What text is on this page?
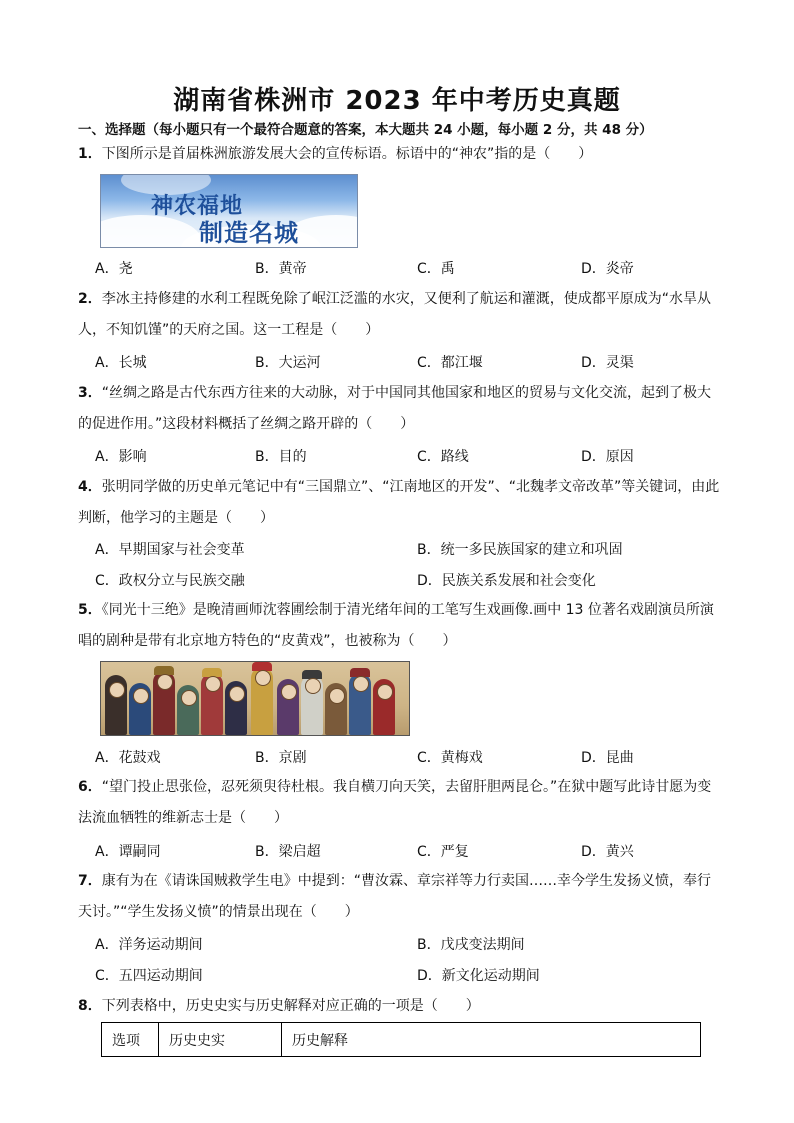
湖南省株洲市 2023 年中考历史真题
一、选择题（每小题只有一个最符合题意的答案，本大题共 24 小题，每小题 2 分，共 48 分）
1．下图所示是首届株洲旅游发展大会的宣传标语。标语中的“神农”指的是（　　）
神农福地
制造名城
A．尧	B．黄帝	C．禹	D．炎帝
2．李冰主持修建的水利工程既免除了岷江泛滥的水灾，又便利了航运和灌溉，使成都平原成为“水旱从
人，不知饥馑”的天府之国。这一工程是（　　）
A．长城	B．大运河	C．都江堰	D．灵渠
3．“丝绸之路是古代东西方往来的大动脉，对于中国同其他国家和地区的贸易与文化交流，起到了极大
的促进作用。”这段材料概括了丝绸之路开辟的（　　）
A．影响	B．目的	C．路线	D．原因
4．张明同学做的历史单元笔记中有“三国鼎立”、“江南地区的开发”、“北魏孝文帝改革”等关键词，由此
判断，他学习的主题是（　　）
A．早期国家与社会变革	B．统一多民族国家的建立和巩固
C．政权分立与民族交融	D．民族关系发展和社会变化
5．《同光十三绝》是晚清画师沈蓉圃绘制于清光绪年间的工笔写生戏画像.画中 13 位著名戏剧演员所演
唱的剧种是带有北京地方特色的“皮黄戏”，也被称为（　　）
A．花鼓戏	B．京剧	C．黄梅戏	D．昆曲
6．“望门投止思张俭，忍死须臾待杜根。我自横刀向天笑，去留肝胆两昆仑。”在狱中题写此诗甘愿为变
法流血牺牲的维新志士是（　　）
A．谭嗣同	B．梁启超	C．严复	D．黄兴
7．康有为在《请诛国贼救学生电》中提到：“曹汝霖、章宗祥等力行卖国……幸今学生发扬义愤，奉行
天讨。”“学生发扬义愤”的情景出现在（　　）
A．洋务运动期间	B．戊戌变法期间
C．五四运动期间	D．新文化运动期间
8．下列表格中，历史史实与历史解释对应正确的一项是（　　）
选项	历史史实	历史解释
